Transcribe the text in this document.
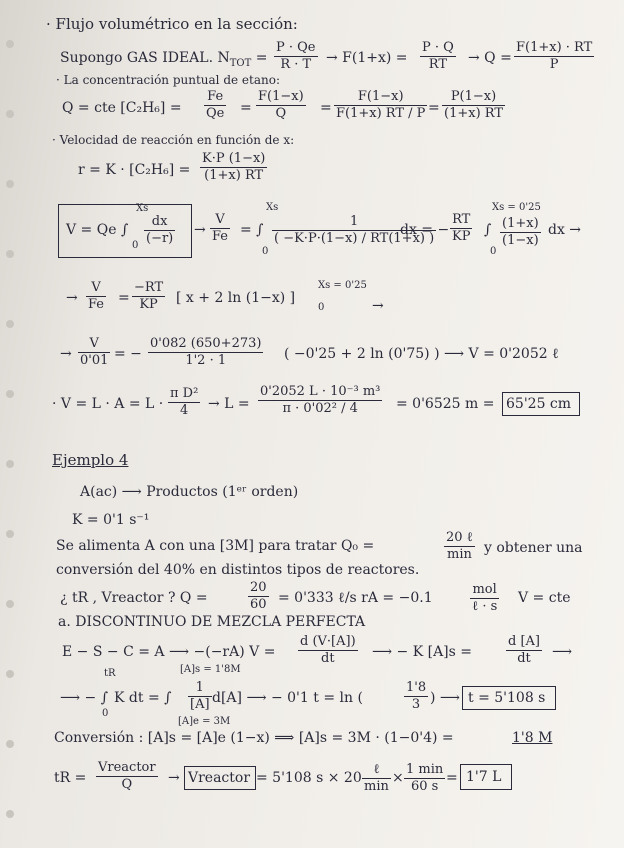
· Flujo volumétrico en la sección:
Supongo GAS IDEAL. $N_{TOT} = \frac{P \cdot Qe}{R \cdot T} \to F(1+x) = \frac{P \cdot Q}{RT} \to Q = \frac{F(1+x) \cdot RT}{P}$
· La concentración puntual de etano:
Q = cte $[C_2H_6] = \frac{Fe}{Qe} = \frac{F(1-x)}{Q} = \frac{F(1-x)}{F(1+x) RT / P} = \frac{P(1-x)}{(1+x) RT}$
· Velocidad de reacción en función de x:
$r = K \cdot [C_2H_6] = \frac{K\cdot P (1-x)}{(1+x) RT}$
V = Qe ∫
Xs
$0 \frac{dx}{(-r)} \to \frac{V}{Fe}$ = ∫
Xs
0
$\frac{1}{( -K\cdot P\cdot(1-x) / RT(1+x) )}$
dx = − $\frac{RT}{KP}$ ∫
Xs = 0'25
0
$\frac{(1+x)}{(1-x)}$ dx →
→ $\frac{V}{Fe} = \frac{-RT}{KP}$ [ x + 2 ln (1−x) ]
Xs = 0'25
0	→
→ $\frac{V}{0'01}$ = − $\frac{0'082 (650+273)}{1'2 \cdot 1}$ ( −0'25 + 2 ln (0'75) ) ⟶ V = 0'2052 ℓ
· $V = L \cdot A = L \cdot \frac{\text{π D²}}{4} \to L = \frac{\text{0'2052 L · 10⁻³ m³}}{\text{π · 0'02² / 4}} = 0'6525$ m = 65'25 cm
Ejemplo 4
A(ac) ⟶ Productos (1ᵉʳ orden)
K = 0'1 s⁻¹
Se alimenta A con una [3M] para tratar Q₀ =
20 ℓ
min y obtener una
conversión del 40% en distintos tipos de reactores.
¿ tR , Vreactor ? Q =	$\frac{20}{60} = 0'333$ ℓ/s rA = −0.1
mol
ℓ · s
V = cte
a. DISCONTINUO DE MEZCLA PERFECTA
E − S − C = A ⟶ −(−rA) $V = \frac{d (V\cdot[A])}{dt}$ ⟶ − K [A]s =	$\frac{d [A]}{dt}$ ⟶
⟶ − ∫
tR
0
K dt = ∫
[A]s = 1'8M
[A]e = 3M
$\frac{1}{[A]} d[A]$ ⟶ − 0'1 t = ln (	$\frac{1'8}{3}$ ) ⟶ t = 5'108 s
Conversión : [A]s = [A]e (1−x) ⟹ [A]s = 3M · (1−0'4) =	1'8 M
tR =
Vreactor
Q	→ Vreactor = 5'108 s × 20
ℓ
min
×
1 min
60 s
= 1'7 L
